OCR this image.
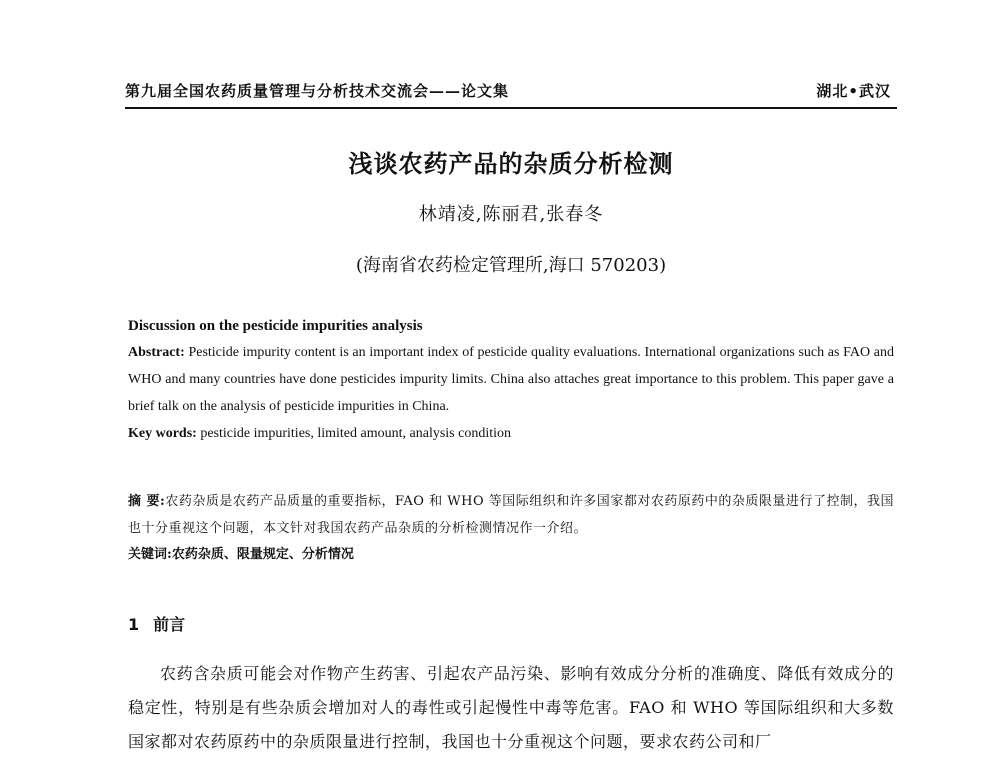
第九届全国农药质量管理与分析技术交流会——论文集	湖北•武汉
浅谈农药产品的杂质分析检测
林靖凌,陈丽君,张春冬
(海南省农药检定管理所,海口 570203)
Discussion on the pesticide impurities analysis
Abstract: Pesticide impurity content is an important index of pesticide quality evaluations. International organizations such as FAO and WHO and many countries have done pesticides impurity limits. China also attaches great importance to this problem. This paper gave a brief talk on the analysis of pesticide impurities in China.
Key words: pesticide impurities, limited amount, analysis condition
摘 要:农药杂质是农药产品质量的重要指标，FAO 和 WHO 等国际组织和许多国家都对农药原药中的杂质限量进行了控制，我国也十分重视这个问题，本文针对我国农药产品杂质的分析检测情况作一介绍。
关键词:农药杂质、限量规定、分析情况
1 前言
农药含杂质可能会对作物产生药害、引起农产品污染、影响有效成分分析的准确度、降低有效成分的稳定性，特别是有些杂质会增加对人的毒性或引起慢性中毒等危害。FAO 和 WHO 等国际组织和大多数国家都对农药原药中的杂质限量进行控制，我国也十分重视这个问题，要求农药公司和厂
